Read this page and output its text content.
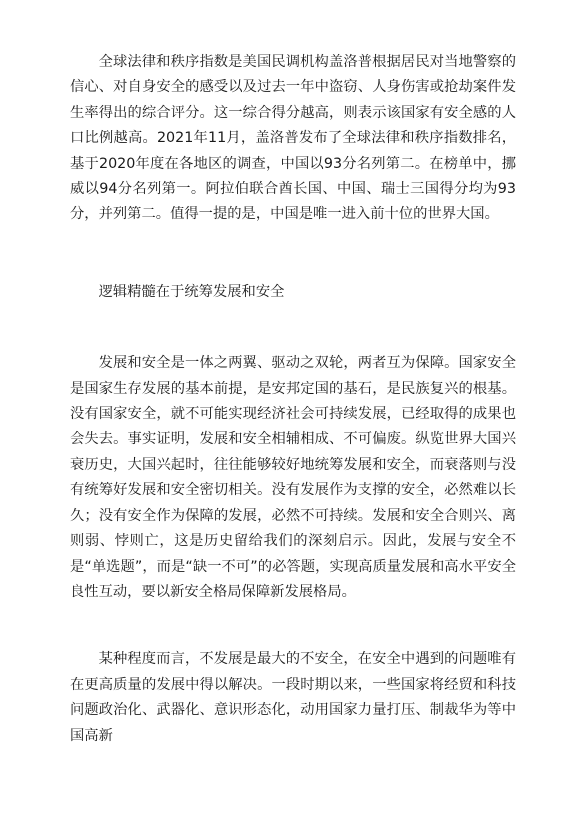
全球法律和秩序指数是美国民调机构盖洛普根据居民对当地警察的信心、对自身安全的感受以及过去一年中盗窃、人身伤害或抢劫案件发生率得出的综合评分。这一综合得分越高，则表示该国家有安全感的人口比例越高。2021年11月，盖洛普发布了全球法律和秩序指数排名，基于2020年度在各地区的调查，中国以93分名列第二。在榜单中，挪威以94分名列第一。阿拉伯联合酋长国、中国、瑞士三国得分均为93分，并列第二。值得一提的是，中国是唯一进入前十位的世界大国。

逻辑精髓在于统筹发展和安全

发展和安全是一体之两翼、驱动之双轮，两者互为保障。国家安全是国家生存发展的基本前提，是安邦定国的基石，是民族复兴的根基。没有国家安全，就不可能实现经济社会可持续发展，已经取得的成果也会失去。事实证明，发展和安全相辅相成、不可偏废。纵览世界大国兴衰历史，大国兴起时，往往能够较好地统筹发展和安全，而衰落则与没有统筹好发展和安全密切相关。没有发展作为支撑的安全，必然难以长久；没有安全作为保障的发展，必然不可持续。发展和安全合则兴、离则弱、悖则亡，这是历史留给我们的深刻启示。因此，发展与安全不是“单选题”，而是“缺一不可”的必答题，实现高质量发展和高水平安全良性互动，要以新安全格局保障新发展格局。

某种程度而言，不发展是最大的不安全，在安全中遇到的问题唯有在更高质量的发展中得以解决。一段时期以来，一些国家将经贸和科技问题政治化、武器化、意识形态化，动用国家力量打压、制裁华为等中国高新
